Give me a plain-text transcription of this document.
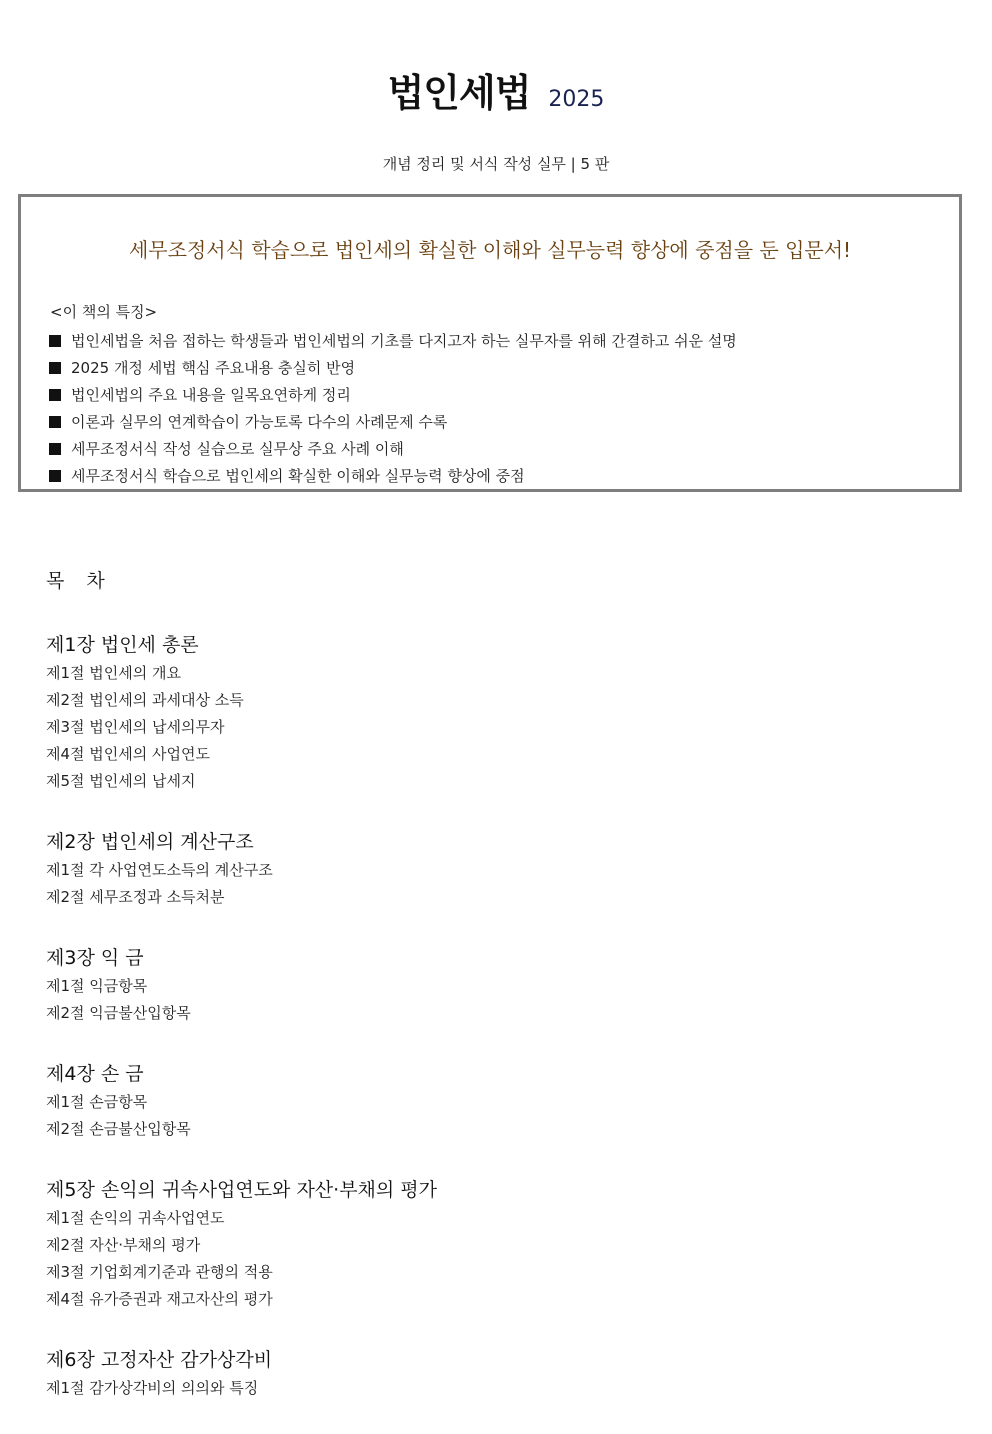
법인세법 2025
개념 정리 및 서식 작성 실무 | 5 판
세무조정서식 학습으로 법인세의 확실한 이해와 실무능력 향상에 중점을 둔 입문서!
<이 책의 특징>
법인세법을 처음 접하는 학생들과 법인세법의 기초를 다지고자 하는 실무자를 위해 간결하고 쉬운 설명
2025 개정 세법 핵심 주요내용 충실히 반영
법인세법의 주요 내용을 일목요연하게 정리
이론과 실무의 연계학습이 가능토록 다수의 사례문제 수록
세무조정서식 작성 실습으로 실무상 주요 사례 이해
세무조정서식 학습으로 법인세의 확실한 이해와 실무능력 향상에 중점
목 차
제1장 법인세 총론
제1절 법인세의 개요
제2절 법인세의 과세대상 소득
제3절 법인세의 납세의무자
제4절 법인세의 사업연도
제5절 법인세의 납세지
제2장 법인세의 계산구조
제1절 각 사업연도소득의 계산구조
제2절 세무조정과 소득처분
제3장 익 금
제1절 익금항목
제2절 익금불산입항목
제4장 손 금
제1절 손금항목
제2절 손금불산입항목
제5장 손익의 귀속사업연도와 자산·부채의 평가
제1절 손익의 귀속사업연도
제2절 자산·부채의 평가
제3절 기업회계기준과 관행의 적용
제4절 유가증권과 재고자산의 평가
제6장 고정자산 감가상각비
제1절 감가상각비의 의의와 특징
